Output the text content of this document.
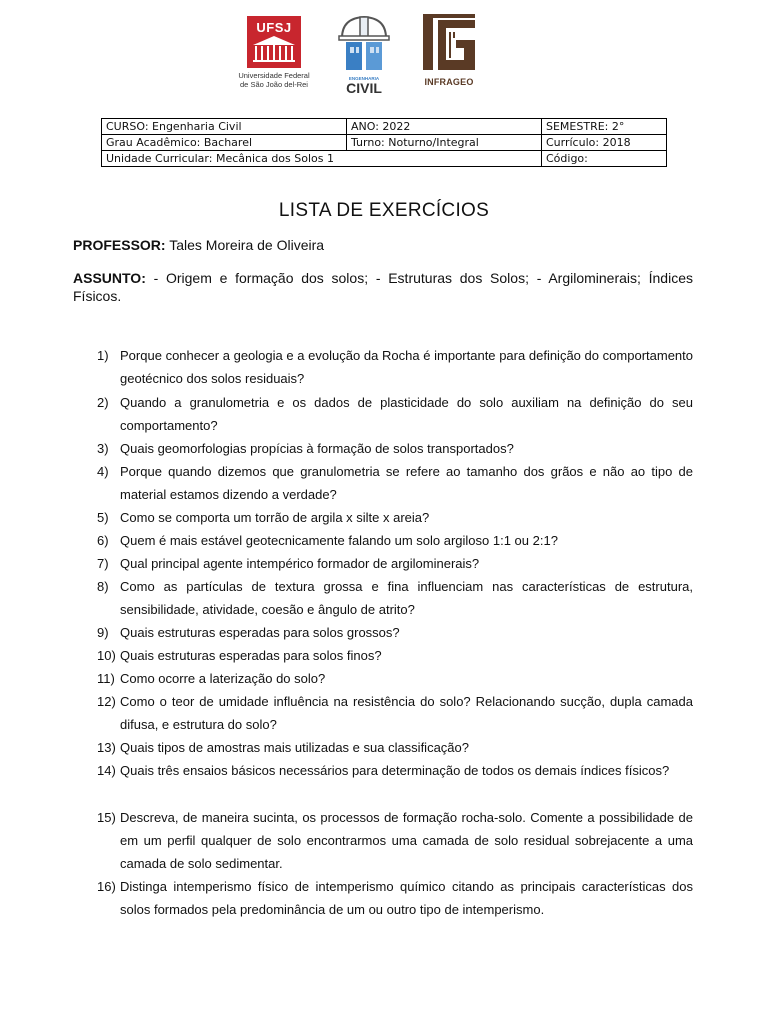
UFSJ
Universidade Federal
de São João del-Rei
ENGENHARIA
CIVIL	INFRAGEO
CURSO: Engenharia Civil	ANO: 2022	SEMESTRE: 2°
Grau Acadêmico: Bacharel	Turno: Noturno/Integral	Currículo: 2018
Unidade Curricular: Mecânica dos Solos 1		Código:
LISTA DE EXERCÍCIOS
PROFESSOR: Tales Moreira de Oliveira
ASSUNTO: - Origem e formação dos solos; - Estruturas dos Solos; - Argilominerais; Índices Físicos.
1) Porque conhecer a geologia e a evolução da Rocha é importante para definição do comportamento geotécnico dos solos residuais?
2) Quando a granulometria e os dados de plasticidade do solo auxiliam na definição do seu comportamento?
3) Quais geomorfologias propícias à formação de solos transportados?
4) Porque quando dizemos que granulometria se refere ao tamanho dos grãos e não ao tipo de material estamos dizendo a verdade?
5) Como se comporta um torrão de argila x silte x areia?
6) Quem é mais estável geotecnicamente falando um solo argiloso 1:1 ou 2:1?
7) Qual principal agente intempérico formador de argilominerais?
8) Como as partículas de textura grossa e fina influenciam nas características de estrutura, sensibilidade, atividade, coesão e ângulo de atrito?
9) Quais estruturas esperadas para solos grossos?
10) Quais estruturas esperadas para solos finos?
11) Como ocorre a laterização do solo?
12) Como o teor de umidade influência na resistência do solo? Relacionando sucção, dupla camada difusa, e estrutura do solo?
13) Quais tipos de amostras mais utilizadas e sua classificação?
14) Quais três ensaios básicos necessários para determinação de todos os demais índices físicos?
15) Descreva, de maneira sucinta, os processos de formação rocha-solo. Comente a possibilidade de em um perfil qualquer de solo encontrarmos uma camada de solo residual sobrejacente a uma camada de solo sedimentar.
16) Distinga intemperismo físico de intemperismo químico citando as principais características dos solos formados pela predominância de um ou outro tipo de intemperismo.
